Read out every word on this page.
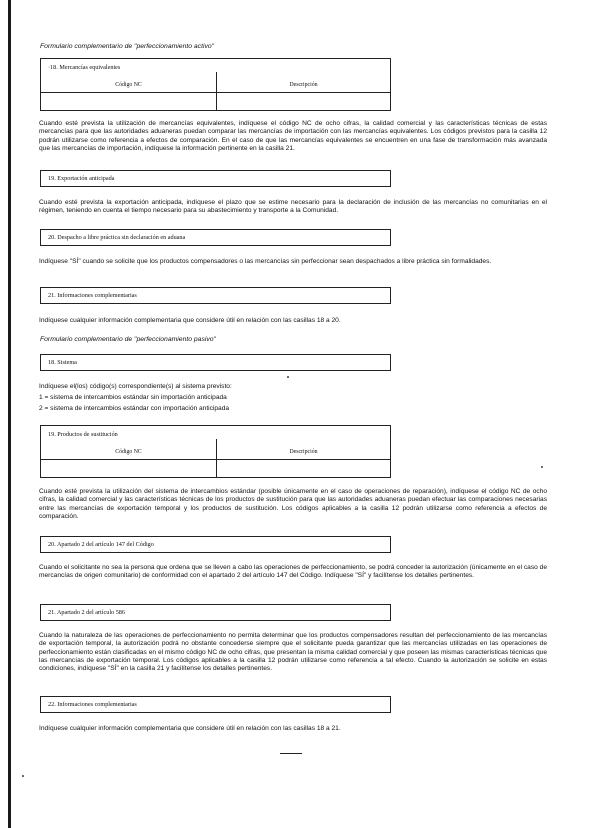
Formulario complementario de "perfeccionamiento activo"
·18. Mercancías equivalentes
Código NC	Descripción
Cuando esté prevista la utilización de mercancías equivalentes, indíquese el código NC de ocho cifras, la calidad comercial y las características técnicas de estas mercancías para que las autoridades aduaneras puedan comparar las mercancías de importación con las mercancías equivalentes. Los códigos previstos para la casilla 12 podrán utilizarse como referencia a efectos de comparación. En el caso de que las mercancías equivalentes se encuentren en una fase de transformación más avanzada que las mercancías de importación, indíquese la información pertinente en la casilla 21.
19. Exportación anticipada
Cuando esté prevista la exportación anticipada, indíquese el plazo que se estime necesario para la declaración de inclusión de las mercancías no comunitarias en el régimen, teniendo en cuenta el tiempo necesario para su abastecimiento y transporte a la Comunidad.
20. Despacho a libre práctica sin declaración en aduana
Indíquese "SÍ" cuando se solicite que los productos compensadores o las mercancías sin perfeccionar sean despachados a libre práctica sin formalidades.
21. Informaciones complementarias
Indíquese cualquier información complementaria que considere útil en relación con las casillas 18 a 20.
Formulario complementario de "perfeccionamiento pasivo"
18. Sistema
Indíquese el(los) código(s) correspondiente(s) al sistema previsto:
1 = sistema de intercambios estándar sin importación anticipada
2 = sistema de intercambios estándar con importación anticipada
19. Productos de sustitución
Código NC	Descripción
Cuando esté prevista la utilización del sistema de intercambios estándar (posible únicamente en el caso de operaciones de reparación), indíquese el código NC de ocho cifras, la calidad comercial y las características técnicas de los productos de sustitución para que las autoridades aduaneras puedan efectuar las comparaciones necesarias entre las mercancías de exportación temporal y los productos de sustitución. Los códigos aplicables a la casilla 12 podrán utilizarse como referencia a efectos de comparación.
20. Apartado 2 del artículo 147 del Código
Cuando el solicitante no sea la persona que ordena que se lleven a cabo las operaciones de perfeccionamiento, se podrá conceder la autorización (únicamente en el caso de mercancías de origen comunitario) de conformidad con el apartado 2 del artículo 147 del Código. Indíquese "SÍ" y facilítense los detalles pertinentes.
21. Apartado 2 del artículo 586
Cuando la naturaleza de las operaciones de perfeccionamiento no permita determinar que los productos compensadores resultan del perfeccionamiento de las mercancías de exportación temporal, la autorización podrá no obstante concederse siempre que el solicitante pueda garantizar que las mercancías utilizadas en las operaciones de perfeccionamiento están clasificadas en el mismo código NC de ocho cifras, que presentan la misma calidad comercial y que poseen las mismas características técnicas que las mercancías de exportación temporal. Los códigos aplicables a la casilla 12 podrán utilizarse como referencia a tal efecto. Cuando la autorización se solicite en estas condiciones, indíquese "SÍ" en la casilla 21 y facilítense los detalles pertinentes.
22. Informaciones complementarias
Indíquese cualquier información complementaria que considere útil en relación con las casillas 18 a 21.
